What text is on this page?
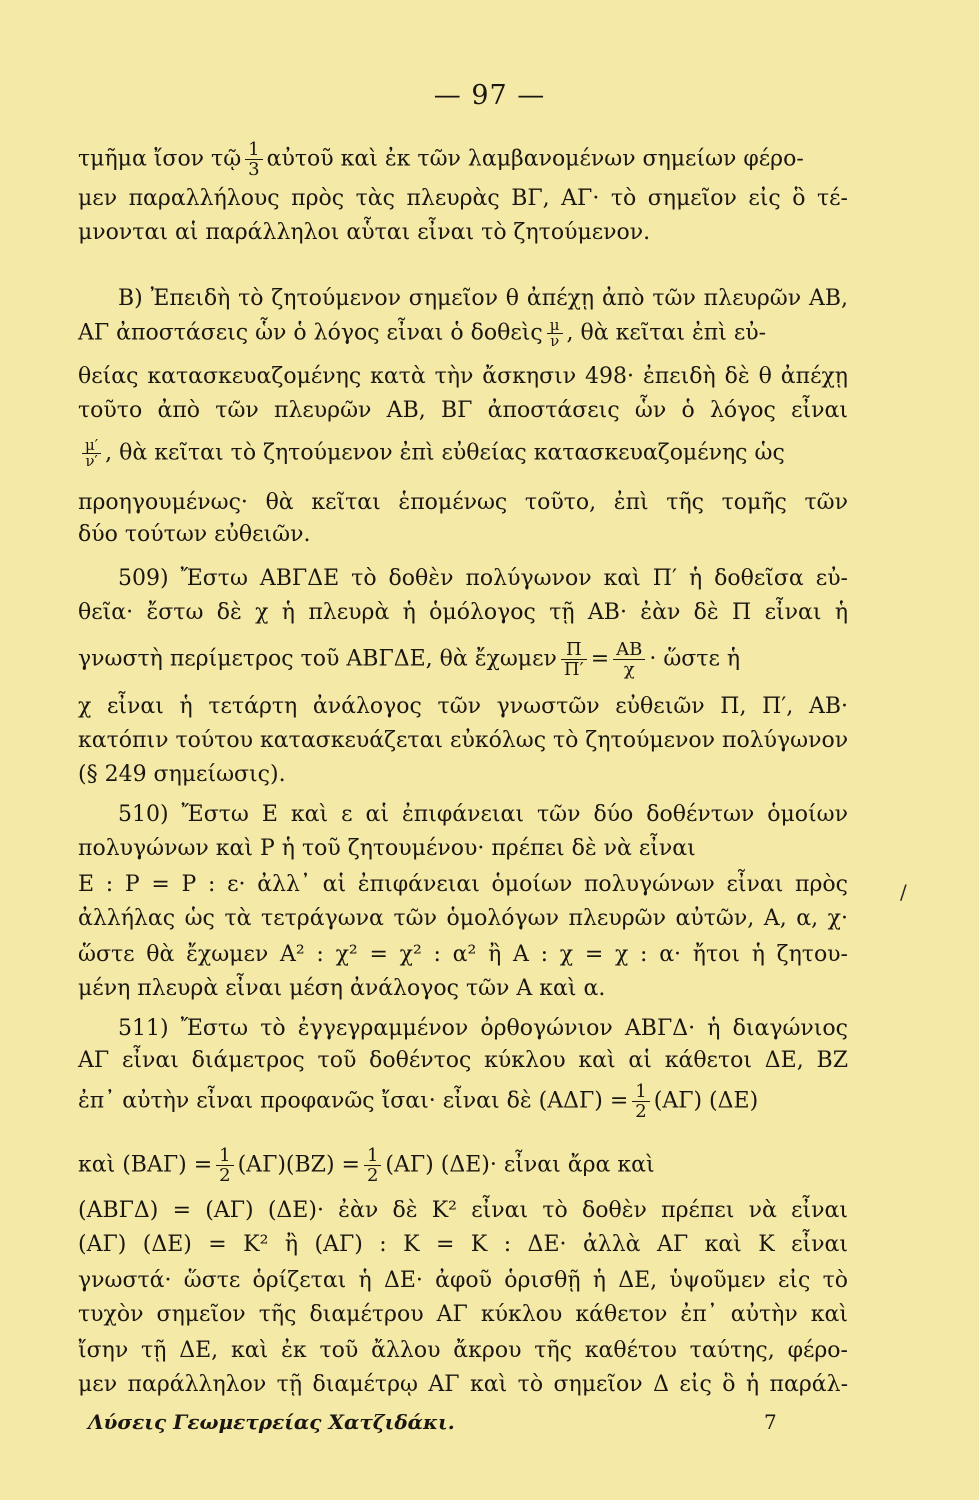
— 97 —
τμῆμα ἴσον τῷ $\frac{1}{3}$ αὐτοῦ καὶ ἐκ τῶν λαμβανομένων σημείων φέρο-
μεν παραλλήλους πρὸς τὰς πλευρὰς ΒΓ, ΑΓ· τὸ σημεῖον εἰς ὃ τέ-
μνονται αἱ παράλληλοι αὗται εἶναι τὸ ζητούμενον.
Β) Ἐπειδὴ τὸ ζητούμενον σημεῖον θ ἀπέχῃ ἀπὸ τῶν πλευρῶν ΑΒ,
ΑΓ ἀποστάσεις ὧν ὁ λόγος εἶναι ὁ δοθεὶς $\frac{\mu}{\nu}$ , θὰ κεῖται ἐπὶ εὐ-
θείας κατασκευαζομένης κατὰ τὴν ἄσκησιν 498· ἐπειδὴ δὲ θ ἀπέχῃ
τοῦτο ἀπὸ τῶν πλευρῶν ΑΒ, ΒΓ ἀποστάσεις ὧν ὁ λόγος εἶναι
$\frac{\mu'}{\nu'}$ , θὰ κεῖται τὸ ζητούμενον ἐπὶ εὐθείας κατασκευαζομένης ὡς
προηγουμένως· θὰ κεῖται ἑπομένως τοῦτο, ἐπὶ τῆς τομῆς τῶν
δύο τούτων εὐθειῶν.
509) Ἔστω ΑΒΓΔΕ τὸ δοθὲν πολύγωνον καὶ Π′ ἡ δοθεῖσα εὐ-
θεῖα· ἔστω δὲ χ ἡ πλευρὰ ἡ ὁμόλογος τῇ ΑΒ· ἐὰν δὲ Π εἶναι ἡ
γνωστὴ περίμετρος τοῦ ΑΒΓΔΕ, θὰ ἔχωμεν $\frac{\Pi}{\Pi'} = \frac{AB}{\chi}$ · ὥστε ἡ
χ εἶναι ἡ τετάρτη ἀνάλογος τῶν γνωστῶν εὐθειῶν Π, Π′, ΑΒ·
κατόπιν τούτου κατασκευάζεται εὐκόλως τὸ ζητούμενον πολύγωνον
(§ 249 σημείωσις).
510) Ἔστω Ε καὶ ε αἱ ἐπιφάνειαι τῶν δύο δοθέντων ὁμοίων
πολυγώνων καὶ Ρ ἡ τοῦ ζητουμένου· πρέπει δὲ νὰ εἶναι
Ε : Ρ = Ρ : ε· ἀλλ᾿ αἱ ἐπιφάνειαι ὁμοίων πολυγώνων εἶναι πρὸς
ἀλλήλας ὡς τὰ τετράγωνα τῶν ὁμολόγων πλευρῶν αὐτῶν, Α, α, χ·
ὥστε θὰ ἔχωμεν Α² : χ² = χ² : α² ἢ Α : χ = χ : α· ἤτοι ἡ ζητου-
μένη πλευρὰ εἶναι μέση ἀνάλογος τῶν Α καὶ α.
511) Ἔστω τὸ ἐγγεγραμμένον ὀρθογώνιον ΑΒΓΔ· ἡ διαγώνιος
ΑΓ εἶναι διάμετρος τοῦ δοθέντος κύκλου καὶ αἱ κάθετοι ΔΕ, ΒΖ
ἐπ᾿ αὐτὴν εἶναι προφανῶς ἴσαι· εἶναι δὲ $(A\Delta\Gamma) = \frac{1}{2} (A\Gamma)$ (ΔΕ)
καὶ $(BA\Gamma) = \frac{1}{2} (A\Gamma)(BZ) = \frac{1}{2} (A\Gamma)$ (ΔΕ)· εἶναι ἄρα καὶ
(ΑΒΓΔ) = (ΑΓ) (ΔΕ)· ἐὰν δὲ Κ² εἶναι τὸ δοθὲν πρέπει νὰ εἶναι
(ΑΓ) (ΔΕ) = Κ² ἢ (ΑΓ) : Κ = Κ : ΔΕ· ἀλλὰ ΑΓ καὶ Κ εἶναι
γνωστά· ὥστε ὁρίζεται ἡ ΔΕ· ἀφοῦ ὁρισθῇ ἡ ΔΕ, ὑψοῦμεν εἰς τὸ
τυχὸν σημεῖον τῆς διαμέτρου ΑΓ κύκλου κάθετον ἐπ᾿ αὐτὴν καὶ
ἴσην τῇ ΔΕ, καὶ ἐκ τοῦ ἄλλου ἄκρου τῆς καθέτου ταύτης, φέρο-
μεν παράλληλον τῇ διαμέτρῳ ΑΓ καὶ τὸ σημεῖον Δ εἰς ὃ ἡ παράλ-
/
Λύσεις Γεωμετρείας Χατζιδάκι.	7
